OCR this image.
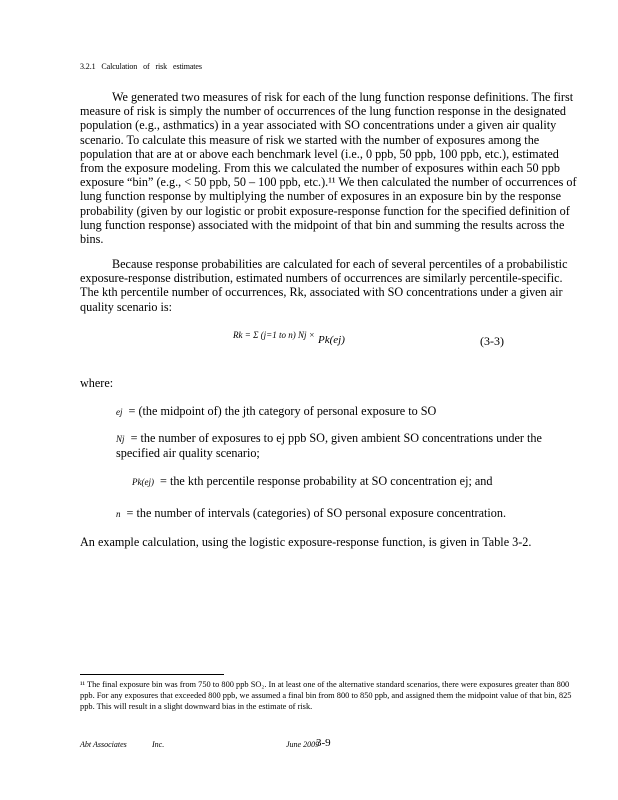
3.2.1 Calculation of risk estimates

We generated two measures of risk for each of the lung function response definitions. The first measure of risk is simply the number of occurrences of the lung function response in the designated population (e.g., asthmatics) in a year associated with SO concentrations under a given air quality scenario. To calculate this measure of risk we started with the number of exposures among the population that are at or above each benchmark level (i.e., 0 ppb, 50 ppb, 100 ppb, etc.), estimated from the exposure modeling. From this we calculated the number of exposures within each 50 ppb exposure “bin” (e.g., < 50 ppb, 50 – 100 ppb, etc.).¹¹ We then calculated the number of occurrences of lung function response by multiplying the number of exposures in an exposure bin by the response probability (given by our logistic or probit exposure-response function for the specified definition of lung function response) associated with the midpoint of that bin and summing the results across the bins.

Because response probabilities are calculated for each of several percentiles of a probabilistic exposure-response distribution, estimated numbers of occurrences are similarly percentile-specific. The kth percentile number of occurrences, Rk, associated with SO concentrations under a given air quality scenario is:

Rk = Σ (j=1 to n) Nj × Pk(ej)	(3-3)
where:
ej = (the midpoint of) the jth category of personal exposure to SO
Nj = the number of exposures to ej ppb SO, given ambient SO concentrations under the specified air quality scenario;
Pk(ej) = the kth percentile response probability at SO concentration ej; and
n = the number of intervals (categories) of SO personal exposure concentration.
An example calculation, using the logistic exposure-response function, is given in Table 3-2.
¹¹ The final exposure bin was from 750 to 800 ppb SO₂. In at least one of the alternative standard scenarios, there were exposures greater than 800 ppb. For any exposures that exceeded 800 ppb, we assumed a final bin from 800 to 850 ppb, and assigned them the midpoint value of that bin, 825 ppb. This will result in a slight downward bias in the estimate of risk.
Abt Associates	Inc.	June 2009
3-9
